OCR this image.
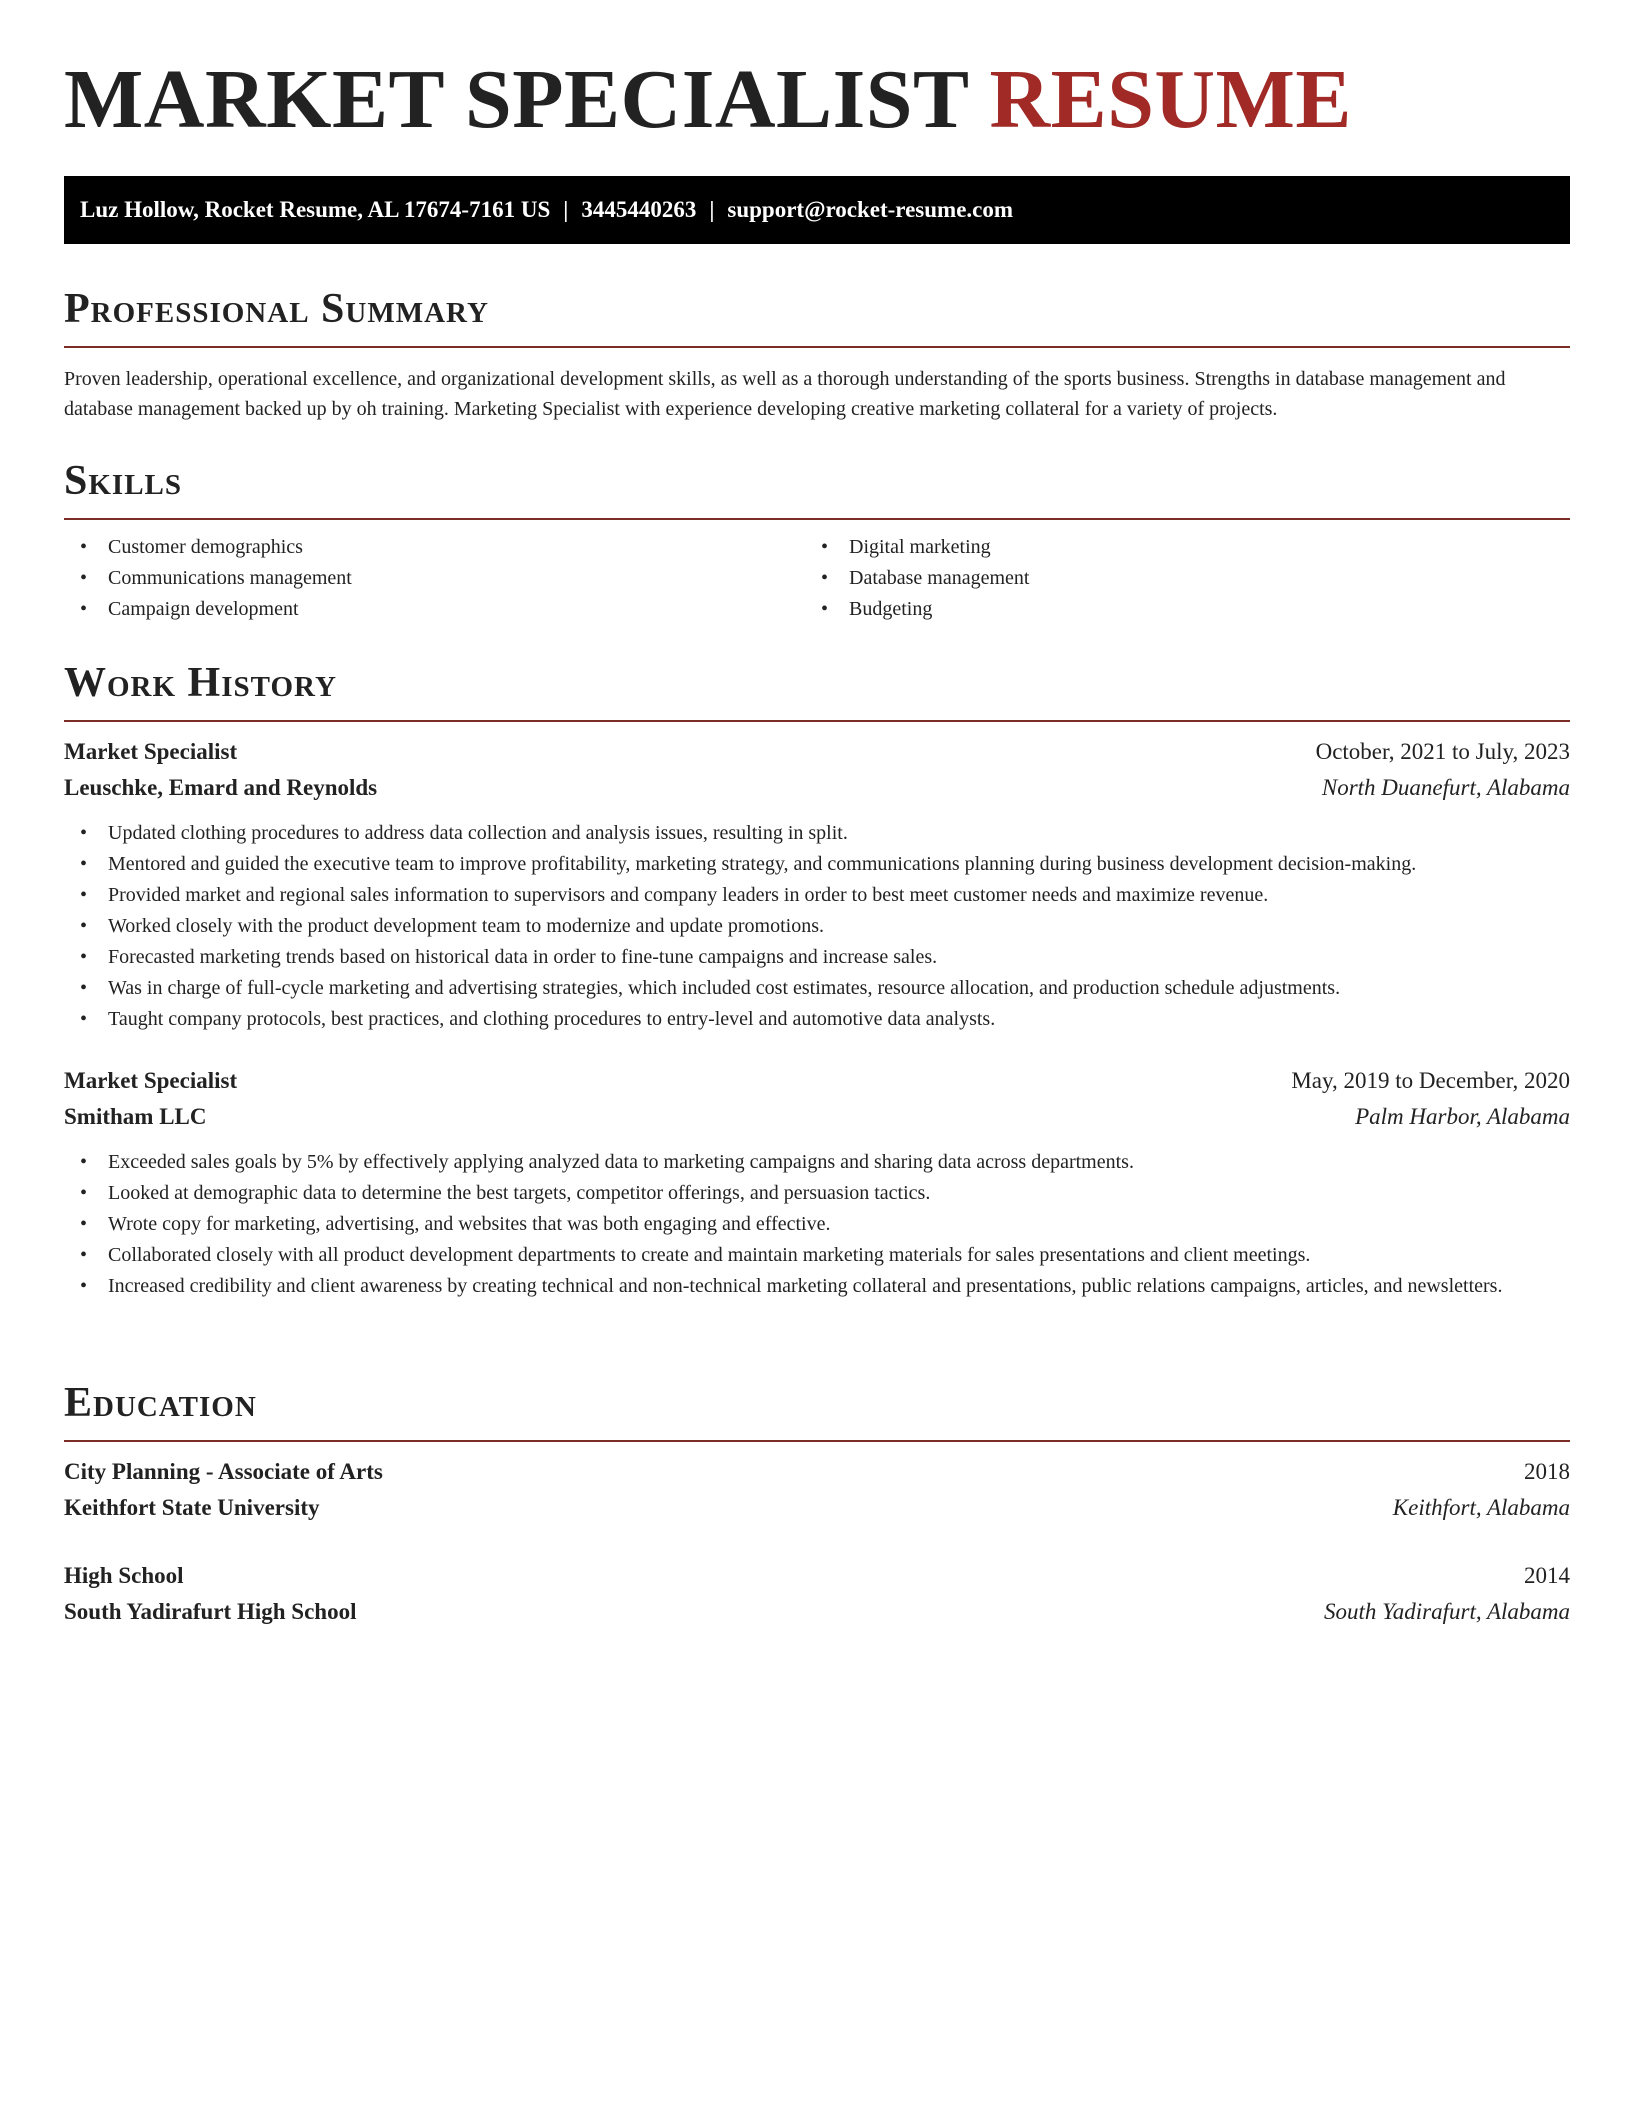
MARKET SPECIALIST RESUME
Luz Hollow, Rocket Resume, AL 17674-7161 US | 3445440263 | support@rocket-resume.com
Professional Summary

Proven leadership, operational excellence, and organizational development skills, as well as a thorough understanding of the sports business. Strengths in database management and database management backed up by oh training. Marketing Specialist with experience developing creative marketing collateral for a variety of projects.

Skills
• Customer demographics
• Communications management
• Campaign development
• Digital marketing
• Database management
• Budgeting
Work History
Market Specialist	October, 2021 to July, 2023
Leuschke, Emard and Reynolds	North Duanefurt, Alabama
• Updated clothing procedures to address data collection and analysis issues, resulting in split.
• Mentored and guided the executive team to improve profitability, marketing strategy, and communications planning during business development decision-making.
• Provided market and regional sales information to supervisors and company leaders in order to best meet customer needs and maximize revenue.
• Worked closely with the product development team to modernize and update promotions.
• Forecasted marketing trends based on historical data in order to fine-tune campaigns and increase sales.
• Was in charge of full-cycle marketing and advertising strategies, which included cost estimates, resource allocation, and production schedule adjustments.
• Taught company protocols, best practices, and clothing procedures to entry-level and automotive data analysts.
Market Specialist	May, 2019 to December, 2020
Smitham LLC	Palm Harbor, Alabama
• Exceeded sales goals by 5% by effectively applying analyzed data to marketing campaigns and sharing data across departments.
• Looked at demographic data to determine the best targets, competitor offerings, and persuasion tactics.
• Wrote copy for marketing, advertising, and websites that was both engaging and effective.
• Collaborated closely with all product development departments to create and maintain marketing materials for sales presentations and client meetings.
• Increased credibility and client awareness by creating technical and non-technical marketing collateral and presentations, public relations campaigns, articles, and newsletters.
Education
City Planning - Associate of Arts	2018
Keithfort State University	Keithfort, Alabama
High School	2014
South Yadirafurt High School	South Yadirafurt, Alabama
